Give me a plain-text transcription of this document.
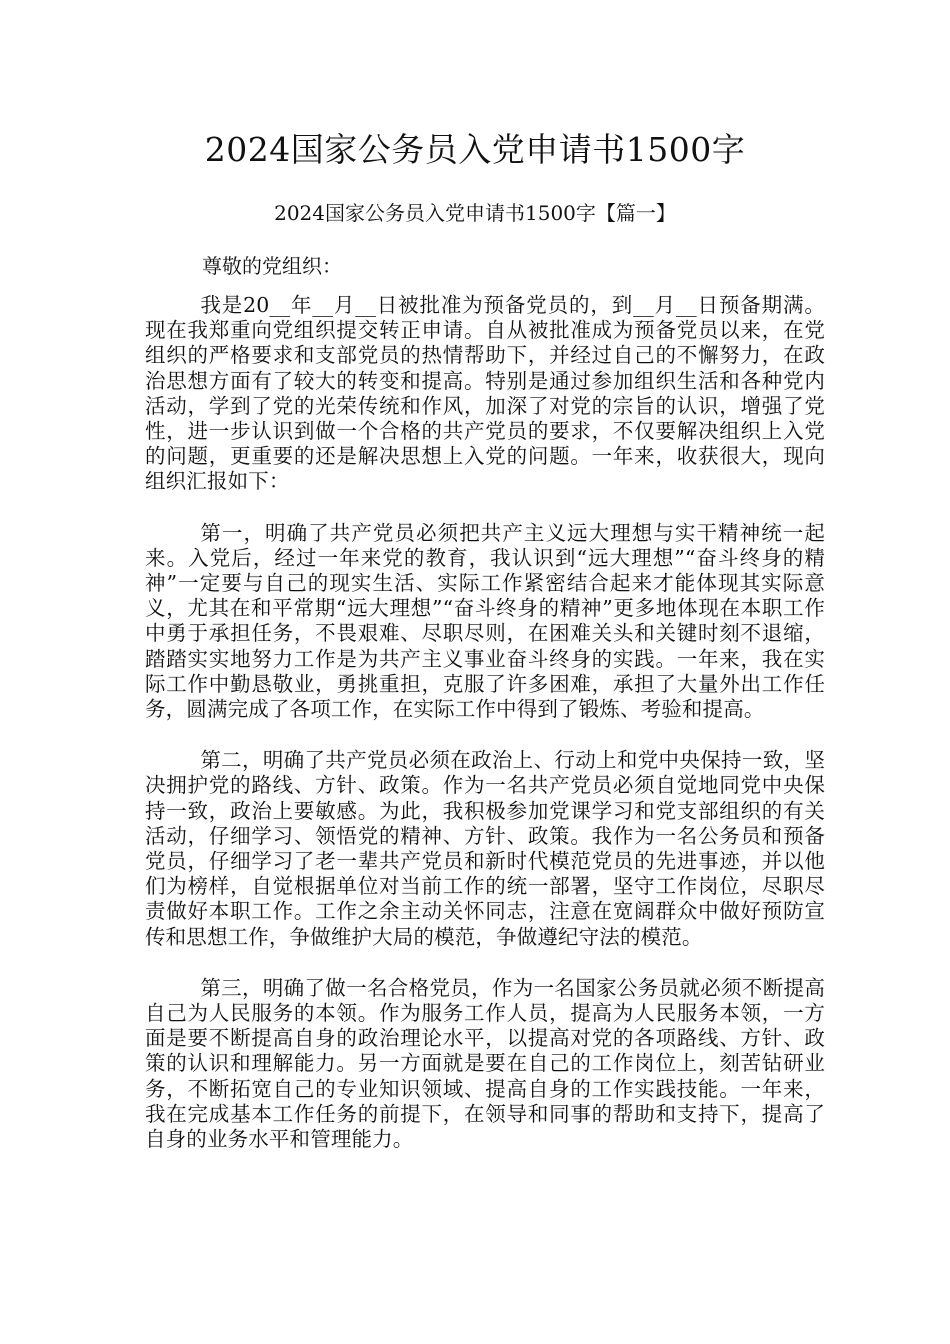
2024国家公务员入党申请书1500字
2024国家公务员入党申请书1500字【篇一】

尊敬的党组织：

我是20__年__月__日被批准为预备党员的，到__月__日预备期满。现在我郑重向党组织提交转正申请。自从被批准成为预备党员以来，在党组织的严格要求和支部党员的热情帮助下，并经过自己的不懈努力，在政治思想方面有了较大的转变和提高。特别是通过参加组织生活和各种党内活动，学到了党的光荣传统和作风，加深了对党的宗旨的认识，增强了党性，进一步认识到做一个合格的共产党员的要求，不仅要解决组织上入党的问题，更重要的还是解决思想上入党的问题。一年来，收获很大，现向组织汇报如下：

第一，明确了共产党员必须把共产主义远大理想与实干精神统一起来。入党后，经过一年来党的教育，我认识到“远大理想”“奋斗终身的精神”一定要与自己的现实生活、实际工作紧密结合起来才能体现其实际意义，尤其在和平常期“远大理想”“奋斗终身的精神”更多地体现在本职工作中勇于承担任务，不畏艰难、尽职尽则，在困难关头和关键时刻不退缩，踏踏实实地努力工作是为共产主义事业奋斗终身的实践。一年来，我在实际工作中勤恳敬业，勇挑重担，克服了许多困难，承担了大量外出工作任务，圆满完成了各项工作，在实际工作中得到了锻炼、考验和提高。

第二，明确了共产党员必须在政治上、行动上和党中央保持一致，坚决拥护党的路线、方针、政策。作为一名共产党员必须自觉地同党中央保持一致，政治上要敏感。为此，我积极参加党课学习和党支部组织的有关活动，仔细学习、领悟党的精神、方针、政策。我作为一名公务员和预备党员，仔细学习了老一辈共产党员和新时代模范党员的先进事迹，并以他们为榜样，自觉根据单位对当前工作的统一部署，坚守工作岗位，尽职尽责做好本职工作。工作之余主动关怀同志，注意在宽阔群众中做好预防宣传和思想工作，争做维护大局的模范，争做遵纪守法的模范。

第三，明确了做一名合格党员，作为一名国家公务员就必须不断提高自己为人民服务的本领。作为服务工作人员，提高为人民服务本领，一方面是要不断提高自身的政治理论水平，以提高对党的各项路线、方针、政策的认识和理解能力。另一方面就是要在自己的工作岗位上，刻苦钻研业务，不断拓宽自己的专业知识领域、提高自身的工作实践技能。一年来，我在完成基本工作任务的前提下，在领导和同事的帮助和支持下，提高了自身的业务水平和管理能力。
